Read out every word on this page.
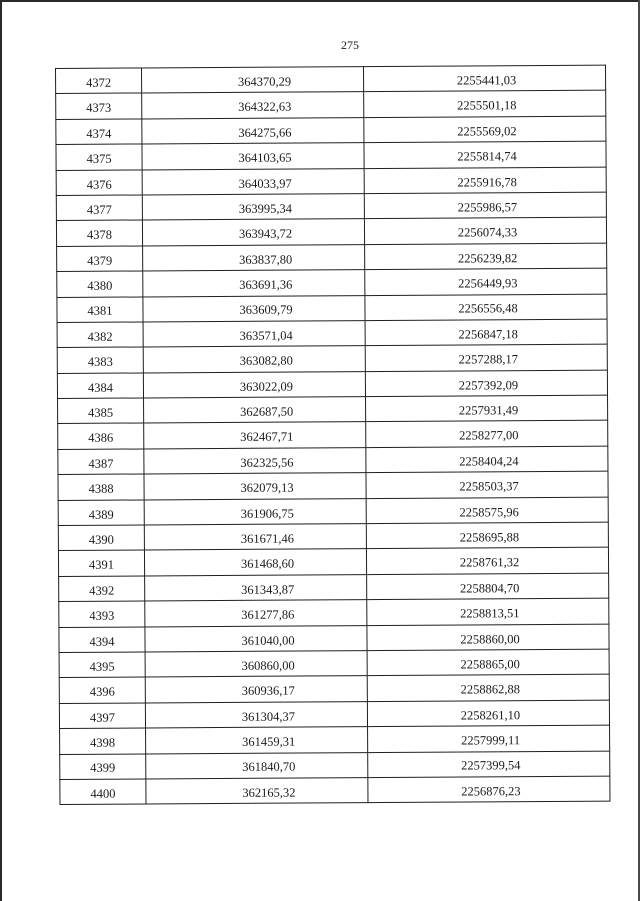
275
4372	364370,29	2255441,03
4373	364322,63	2255501,18
4374	364275,66	2255569,02
4375	364103,65	2255814,74
4376	364033,97	2255916,78
4377	363995,34	2255986,57
4378	363943,72	2256074,33
4379	363837,80	2256239,82
4380	363691,36	2256449,93
4381	363609,79	2256556,48
4382	363571,04	2256847,18
4383	363082,80	2257288,17
4384	363022,09	2257392,09
4385	362687,50	2257931,49
4386	362467,71	2258277,00
4387	362325,56	2258404,24
4388	362079,13	2258503,37
4389	361906,75	2258575,96
4390	361671,46	2258695,88
4391	361468,60	2258761,32
4392	361343,87	2258804,70
4393	361277,86	2258813,51
4394	361040,00	2258860,00
4395	360860,00	2258865,00
4396	360936,17	2258862,88
4397	361304,37	2258261,10
4398	361459,31	2257999,11
4399	361840,70	2257399,54
4400	362165,32	2256876,23
